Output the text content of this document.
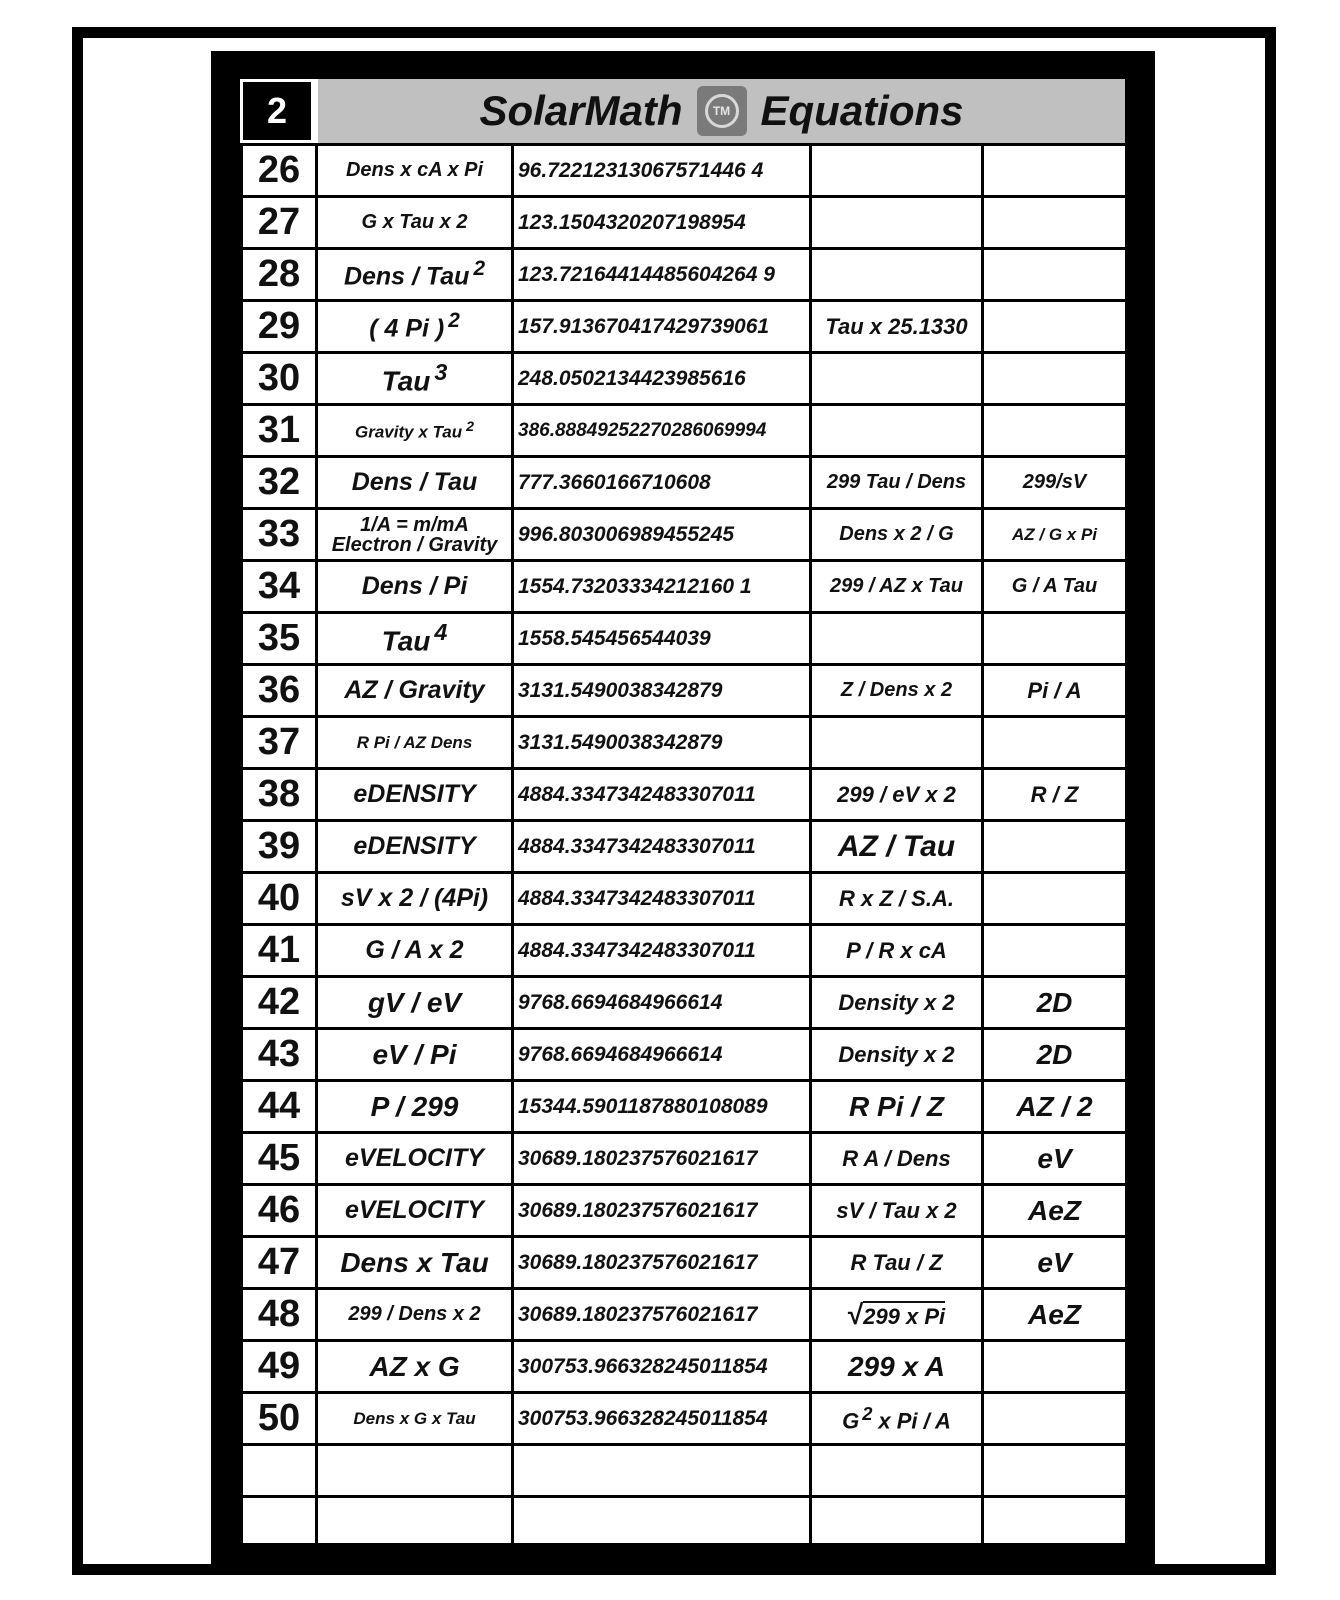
2	SolarMath	TM Equations
26	Dens x cA x Pi	96.72212313067571446 4		
27	G x Tau x 2	123.1504320207198954		
28	Dens / Tau $^2$	123.72164414485604264 9		
29	( 4 Pi ) $^2$	157.913670417429739061	Tau x 25.1330	
30	Tau $^3$	248.0502134423985616		
31	Gravity x Tau $^2$	386.88849252270286069994		
32	Dens / Tau	777.3660166710608	299 Tau / Dens	299/sV
33	1/A = m/mA
Electron / Gravity	996.803006989455245	Dens x 2 / G	AZ / G x Pi
34	Dens / Pi	1554.73203334212160 1	299 / AZ x Tau	G / A Tau
35	Tau $^4$	1558.545456544039		
36	AZ / Gravity	3131.5490038342879	Z / Dens x 2	Pi / A
37	R Pi / AZ Dens	3131.5490038342879		
38	eDENSITY	4884.3347342483307011	299 / eV x 2	R / Z
39	eDENSITY	4884.3347342483307011	AZ / Tau	
40	sV x 2 / (4Pi)	4884.3347342483307011	R x Z / S.A.	
41	G / A x 2	4884.3347342483307011	P / R x cA	
42	gV / eV	9768.6694684966614	Density x 2	2D
43	eV / Pi	9768.6694684966614	Density x 2	2D
44	P / 299	15344.5901187880108089	R Pi / Z	AZ / 2
45	eVELOCITY	30689.180237576021617	R A / Dens	eV
46	eVELOCITY	30689.180237576021617	sV / Tau x 2	AeZ
47	Dens x Tau	30689.180237576021617	R Tau / Z	eV
48	299 / Dens x 2	30689.180237576021617	√299 x Pi	AeZ
49	AZ x G	300753.966328245011854	299 x A	
50	Dens x G x Tau	300753.966328245011854	G $^2$ x Pi / A	
